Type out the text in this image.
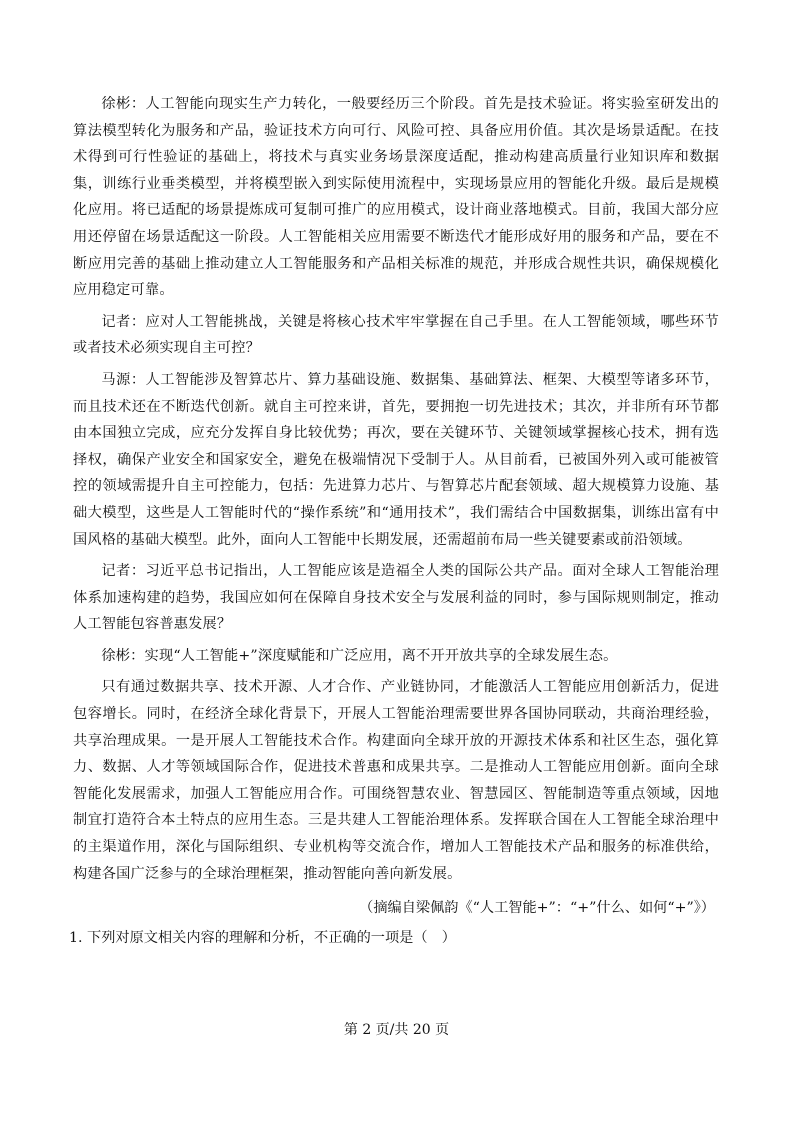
徐彬：人工智能向现实生产力转化，一般要经历三个阶段。首先是技术验证。将实验室研发出的算法模型转化为服务和产品，验证技术方向可行、风险可控、具备应用价值。其次是场景适配。在技术得到可行性验证的基础上，将技术与真实业务场景深度适配，推动构建高质量行业知识库和数据集，训练行业垂类模型，并将模型嵌入到实际使用流程中，实现场景应用的智能化升级。最后是规模化应用。将已适配的场景提炼成可复制可推广的应用模式，设计商业落地模式。目前，我国大部分应用还停留在场景适配这一阶段。人工智能相关应用需要不断迭代才能形成好用的服务和产品，要在不断应用完善的基础上推动建立人工智能服务和产品相关标准的规范，并形成合规性共识，确保规模化应用稳定可靠。

记者：应对人工智能挑战，关键是将核心技术牢牢掌握在自己手里。在人工智能领域，哪些环节或者技术必须实现自主可控？

马源：人工智能涉及智算芯片、算力基础设施、数据集、基础算法、框架、大模型等诸多环节，而且技术还在不断迭代创新。就自主可控来讲，首先，要拥抱一切先进技术；其次，并非所有环节都由本国独立完成，应充分发挥自身比较优势；再次，要在关键环节、关键领域掌握核心技术，拥有选择权，确保产业安全和国家安全，避免在极端情况下受制于人。从目前看，已被国外列入或可能被管控的领域需提升自主可控能力，包括：先进算力芯片、与智算芯片配套领域、超大规模算力设施、基础大模型，这些是人工智能时代的“操作系统”和“通用技术”，我们需结合中国数据集，训练出富有中国风格的基础大模型。此外，面向人工智能中长期发展，还需超前布局一些关键要素或前沿领域。

记者：习近平总书记指出，人工智能应该是造福全人类的国际公共产品。面对全球人工智能治理体系加速构建的趋势，我国应如何在保障自身技术安全与发展利益的同时，参与国际规则制定，推动人工智能包容普惠发展？

徐彬：实现“人工智能+”深度赋能和广泛应用，离不开开放共享的全球发展生态。

只有通过数据共享、技术开源、人才合作、产业链协同，才能激活人工智能应用创新活力，促进包容增长。同时，在经济全球化背景下，开展人工智能治理需要世界各国协同联动，共商治理经验，共享治理成果。一是开展人工智能技术合作。构建面向全球开放的开源技术体系和社区生态，强化算力、数据、人才等领域国际合作，促进技术普惠和成果共享。二是推动人工智能应用创新。面向全球智能化发展需求，加强人工智能应用合作。可围绕智慧农业、智慧园区、智能制造等重点领域，因地制宜打造符合本土特点的应用生态。三是共建人工智能治理体系。发挥联合国在人工智能全球治理中的主渠道作用，深化与国际组织、专业机构等交流合作，增加人工智能技术产品和服务的标准供给，构建各国广泛参与的全球治理框架，推动智能向善向新发展。

（摘编自梁佩韵《“人工智能+”：“+”什么、如何“+”》）

1. 下列对原文相关内容的理解和分析，不正确的一项是（　）

第 2 页/共 20 页
